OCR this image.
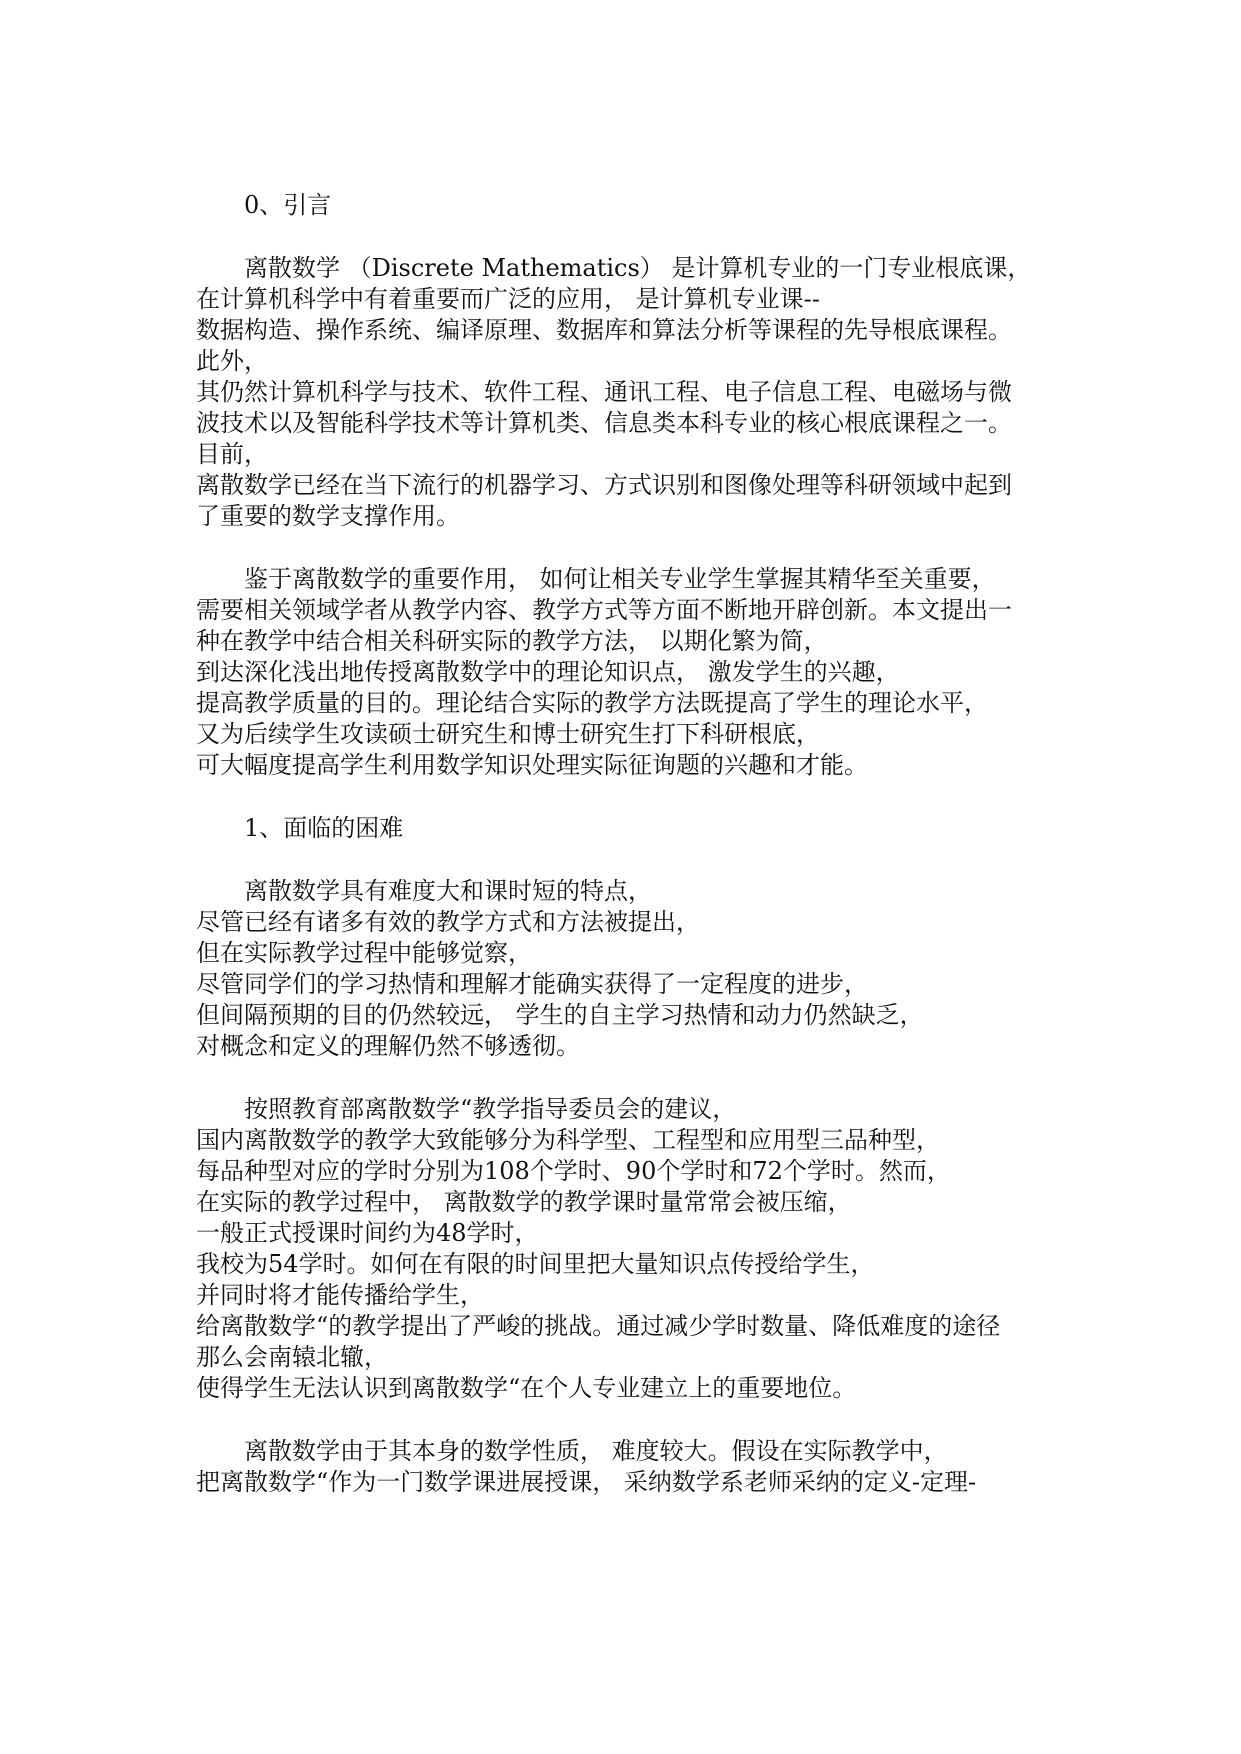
0、引言
离散数学 （Discrete Mathematics） 是计算机专业的一门专业根底课，
在计算机科学中有着重要而广泛的应用， 是计算机专业课--
数据构造、操作系统、编译原理、数据库和算法分析等课程的先导根底课程。
此外，
其仍然计算机科学与技术、软件工程、通讯工程、电子信息工程、电磁场与微
波技术以及智能科学技术等计算机类、信息类本科专业的核心根底课程之一。
目前，
离散数学已经在当下流行的机器学习、方式识别和图像处理等科研领域中起到
了重要的数学支撑作用。
鉴于离散数学的重要作用， 如何让相关专业学生掌握其精华至关重要，
需要相关领域学者从教学内容、教学方式等方面不断地开辟创新。本文提出一
种在教学中结合相关科研实际的教学方法， 以期化繁为简，
到达深化浅出地传授离散数学中的理论知识点， 激发学生的兴趣，
提高教学质量的目的。理论结合实际的教学方法既提高了学生的理论水平，
又为后续学生攻读硕士研究生和博士研究生打下科研根底，
可大幅度提高学生利用数学知识处理实际征询题的兴趣和才能。
1、面临的困难
离散数学具有难度大和课时短的特点，
尽管已经有诸多有效的教学方式和方法被提出，
但在实际教学过程中能够觉察，
尽管同学们的学习热情和理解才能确实获得了一定程度的进步，
但间隔预期的目的仍然较远， 学生的自主学习热情和动力仍然缺乏，
对概念和定义的理解仍然不够透彻。
按照教育部离散数学“教学指导委员会的建议，
国内离散数学的教学大致能够分为科学型、工程型和应用型三品种型，
每品种型对应的学时分别为108个学时、90个学时和72个学时。然而，
在实际的教学过程中， 离散数学的教学课时量常常会被压缩，
一般正式授课时间约为48学时，
我校为54学时。如何在有限的时间里把大量知识点传授给学生，
并同时将才能传播给学生，
给离散数学“的教学提出了严峻的挑战。通过减少学时数量、降低难度的途径
那么会南辕北辙，
使得学生无法认识到离散数学“在个人专业建立上的重要地位。
离散数学由于其本身的数学性质， 难度较大。假设在实际教学中，
把离散数学“作为一门数学课进展授课， 采纳数学系老师采纳的定义-定理-
